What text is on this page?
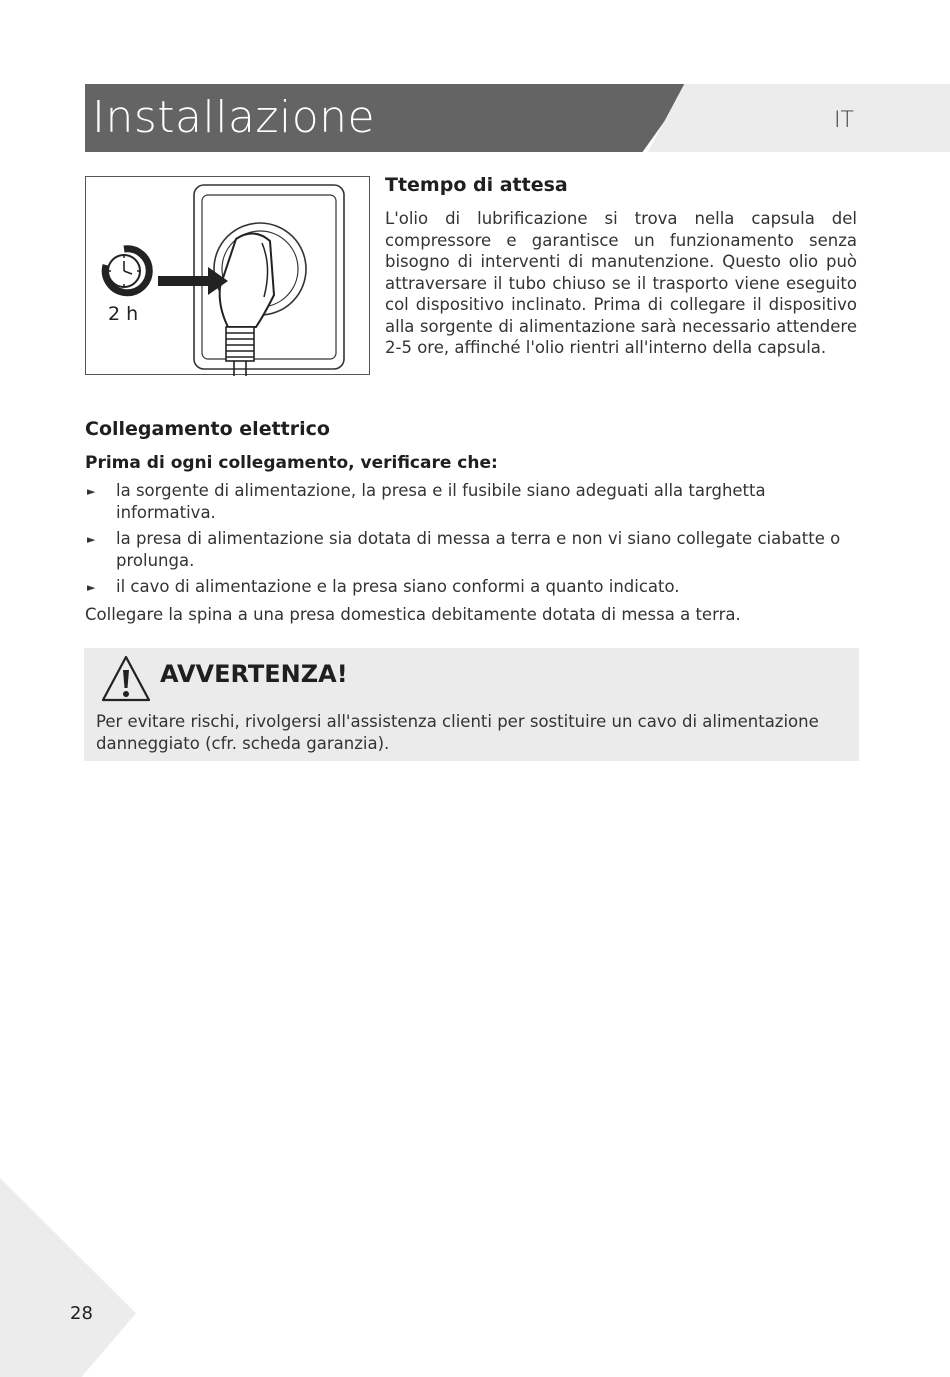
Installazione	IT
2 h
Ttempo di attesa
L'olio di lubrificazione si trova nella capsula del compressore e garantisce un funzionamento senza bisogno di interventi di manutenzione. Questo olio può attraversare il tubo chiuso se il trasporto viene eseguito col dispositivo inclinato. Prima di collegare il dispositivo alla sorgente di alimentazione sarà necessario attendere 2-5 ore, affinché l'olio rientri all'interno della capsula.
Collegamento elettrico
Prima di ogni collegamento, verificare che:
► la sorgente di alimentazione, la presa e il fusibile siano adeguati alla targhetta informativa.
► la presa di alimentazione sia dotata di messa a terra e non vi siano collegate ciabatte o prolunga.
► il cavo di alimentazione e la presa siano conformi a quanto indicato.
Collegare la spina a una presa domestica debitamente dotata di messa a terra.
AVVERTENZA!
Per evitare rischi, rivolgersi all'assistenza clienti per sostituire un cavo di alimentazione danneggiato (cfr. scheda garanzia).
28
